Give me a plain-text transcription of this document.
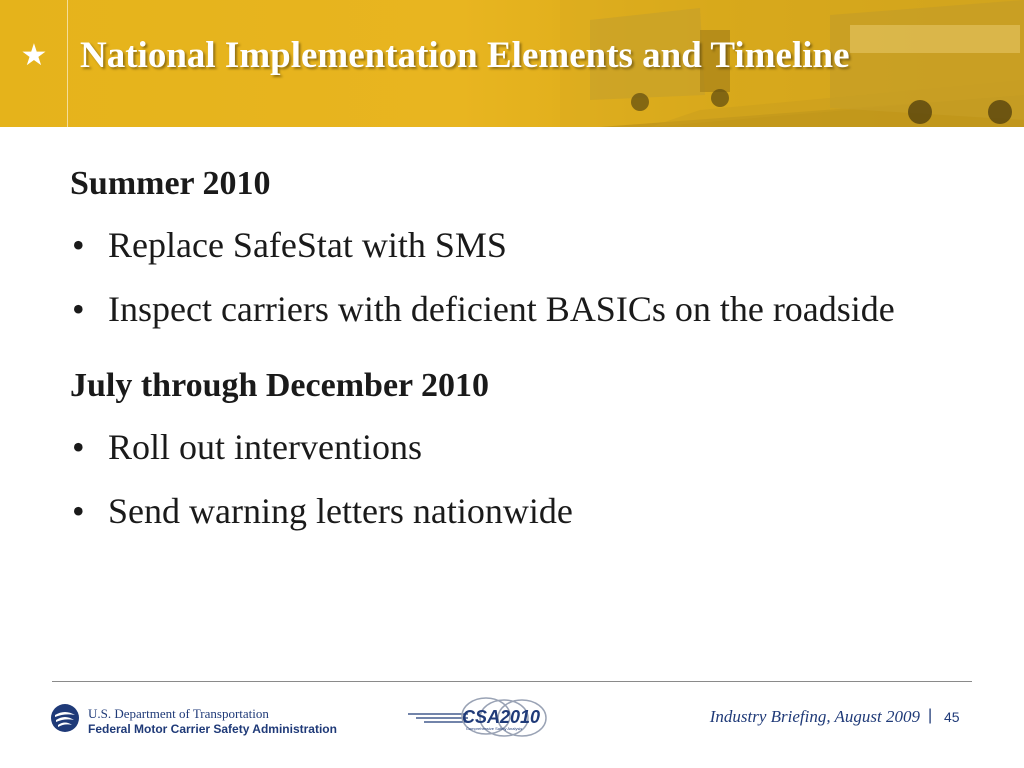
★ National Implementation Elements and Timeline
Summer 2010
• Replace SafeStat with SMS
• Inspect carriers with deficient BASICs on the roadside
July through December 2010
• Roll out interventions
• Send warning letters nationwide
U.S. Department of Transportation
Federal Motor Carrier Safety Administration
CSA2010
Comprehensive Safety Analysis
Industry Briefing, August 2009 | 45
